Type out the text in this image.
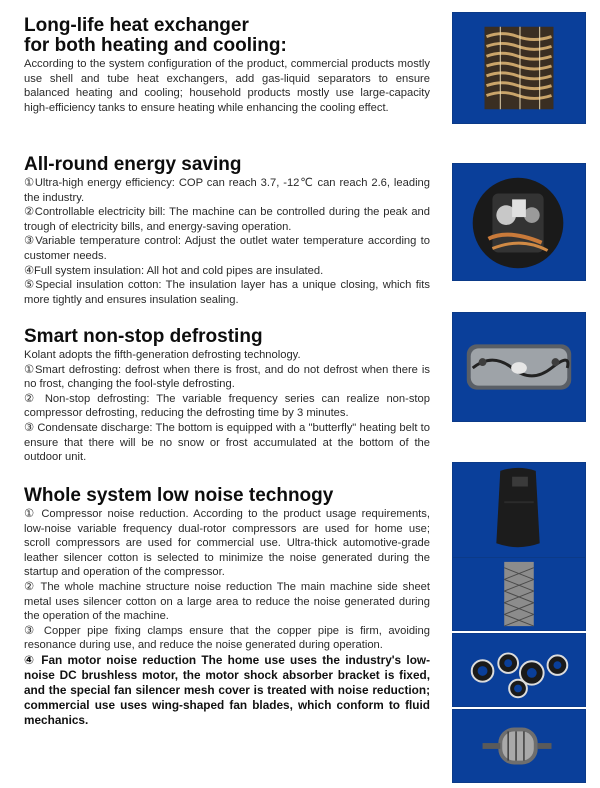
Long-life heat exchanger
for both heating and cooling:

According to the system configuration of the product, commercial products mostly use shell and tube heat exchangers, add gas-liquid separators to ensure balanced heating and cooling; household products mostly use large-capacity high-efficiency tanks to ensure heating while enhancing the cooling effect.

All-round energy saving

①Ultra-high energy efficiency: COP can reach 3.7, -12℃ can reach 2.6, leading the industry.

②Controllable electricity bill: The machine can be controlled during the peak and trough of electricity bills, and energy-saving operation.

③Variable temperature control: Adjust the outlet water temperature according to customer needs.

④Full system insulation: All hot and cold pipes are insulated.

⑤Special insulation cotton: The insulation layer has a unique closing, which fits more tightly and ensures insulation sealing.

Smart non-stop defrosting

Kolant adopts the fifth-generation defrosting technology.

①Smart defrosting: defrost when there is frost, and do not defrost when there is no frost, changing the fool-style defrosting.

② Non-stop defrosting: The variable frequency series can realize non-stop compressor defrosting, reducing the defrosting time by 3 minutes.

③ Condensate discharge: The bottom is equipped with a "butterfly" heating belt to ensure that there will be no snow or frost accumulated at the bottom of the outdoor unit.

Whole system low noise technogy

① Compressor noise reduction. According to the product usage requirements, low-noise variable frequency dual-rotor compressors are used for home use; scroll compressors are used for commercial use. Ultra-thick automotive-grade leather silencer cotton is selected to minimize the noise generated during the startup and operation of the compressor.

② The whole machine structure noise reduction The main machine side sheet metal uses silencer cotton on a large area to reduce the noise generated during the operation of the machine.

③ Copper pipe fixing clamps ensure that the copper pipe is firm, avoiding resonance during use, and reduce the noise generated during operation.

④ Fan motor noise reduction The home use uses the industry's low-noise DC brushless motor, the motor shock absorber bracket is fixed, and the special fan silencer mesh cover is treated with noise reduction; commercial use uses wing-shaped fan blades, which conform to fluid mechanics.
